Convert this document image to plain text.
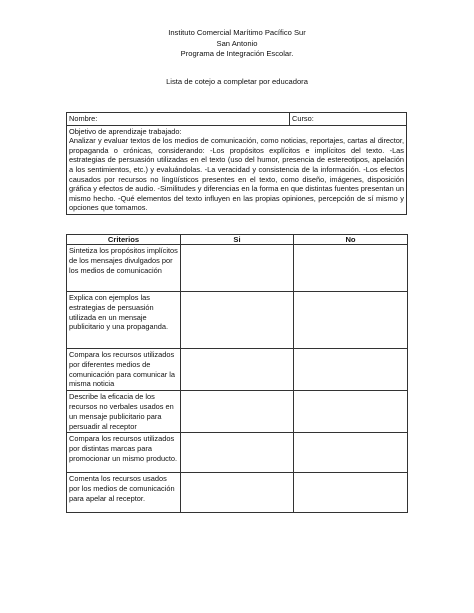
Instituto Comercial Marítimo Pacífico Sur
San Antonio
Programa de Integración Escolar.
Lista de cotejo a completar por educadora
Nombre:	Curso:

Objetivo de aprendizaje trabajado:
Analizar y evaluar textos de los medios de comunicación, como noticias, reportajes, cartas al director, propaganda o crónicas, considerando: -Los propósitos explícitos e implícitos del texto. -Las estrategias de persuasión utilizadas en el texto (uso del humor, presencia de estereotipos, apelación a los sentimientos, etc.) y evaluándolas. -La veracidad y consistencia de la información. -Los efectos causados por recursos no lingüísticos presentes en el texto, como diseño, imágenes, disposición gráfica y efectos de audio. -Similitudes y diferencias en la forma en que distintas fuentes presentan un mismo hecho. -Qué elementos del texto influyen en las propias opiniones, percepción de sí mismo y opciones que tomamos.
Criterios	Si	No
Sintetiza los propósitos implícitos de los mensajes divulgados por los medios de comunicación		
Explica con ejemplos las estrategias de persuasión utilizada en un mensaje publicitario y una propaganda.		
Compara los recursos utilizados por diferentes medios de comunicación para comunicar la misma noticia		
Describe la eficacia de los recursos no verbales usados en un mensaje publicitario para persuadir al receptor		
Compara los recursos utilizados por distintas marcas para promocionar un mismo producto.		
Comenta los recursos usados por los medios de comunicación para apelar al receptor.		
